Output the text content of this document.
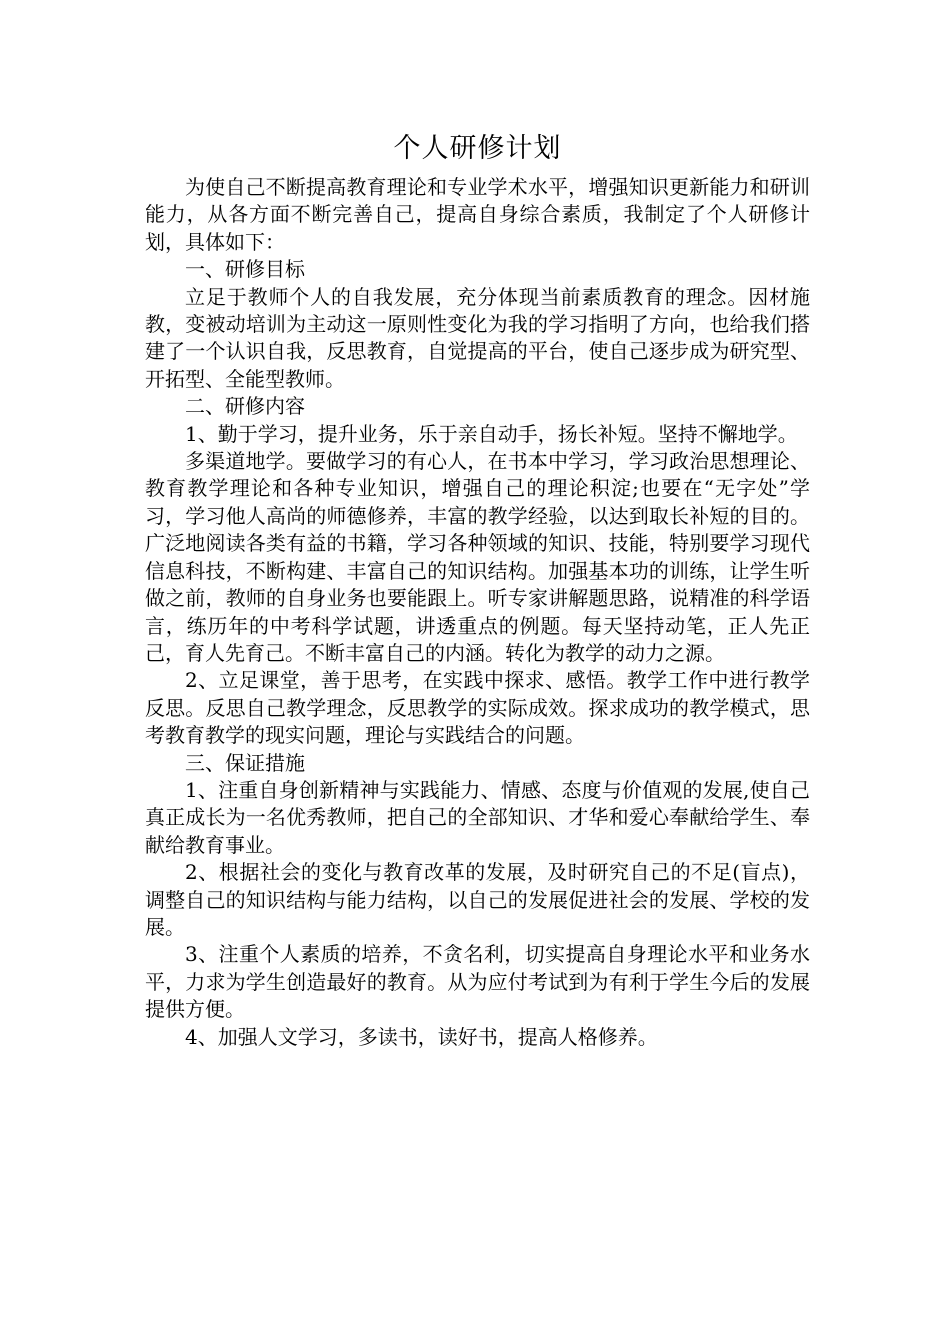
个人研修计划

为使自己不断提高教育理论和专业学术水平，增强知识更新能力和研训能力，从各方面不断完善自己，提高自身综合素质，我制定了个人研修计划，具体如下：

一、研修目标

立足于教师个人的自我发展，充分体现当前素质教育的理念。因材施教，变被动培训为主动这一原则性变化为我的学习指明了方向，也给我们搭建了一个认识自我，反思教育，自觉提高的平台，使自己逐步成为研究型、开拓型、全能型教师。

二、研修内容

1、勤于学习，提升业务，乐于亲自动手，扬长补短。坚持不懈地学。

多渠道地学。要做学习的有心人，在书本中学习，学习政治思想理论、教育教学理论和各种专业知识，增强自己的理论积淀;也要在“无字处”学习，学习他人高尚的师德修养，丰富的教学经验，以达到取长补短的目的。广泛地阅读各类有益的书籍，学习各种领域的知识、技能，特别要学习现代信息科技，不断构建、丰富自己的知识结构。加强基本功的训练，让学生听做之前，教师的自身业务也要能跟上。听专家讲解题思路，说精准的科学语言，练历年的中考科学试题，讲透重点的例题。每天坚持动笔，正人先正己，育人先育己。不断丰富自己的内涵。转化为教学的动力之源。

2、立足课堂，善于思考，在实践中探求、感悟。教学工作中进行教学反思。反思自己教学理念，反思教学的实际成效。探求成功的教学模式，思考教育教学的现实问题，理论与实践结合的问题。

三、保证措施

1、注重自身创新精神与实践能力、情感、态度与价值观的发展,使自己真正成长为一名优秀教师，把自己的全部知识、才华和爱心奉献给学生、奉献给教育事业。

2、根据社会的变化与教育改革的发展，及时研究自己的不足(盲点)，调整自己的知识结构与能力结构，以自己的发展促进社会的发展、学校的发展。

3、注重个人素质的培养，不贪名利，切实提高自身理论水平和业务水平，力求为学生创造最好的教育。从为应付考试到为有利于学生今后的发展提供方便。

4、加强人文学习，多读书，读好书，提高人格修养。
